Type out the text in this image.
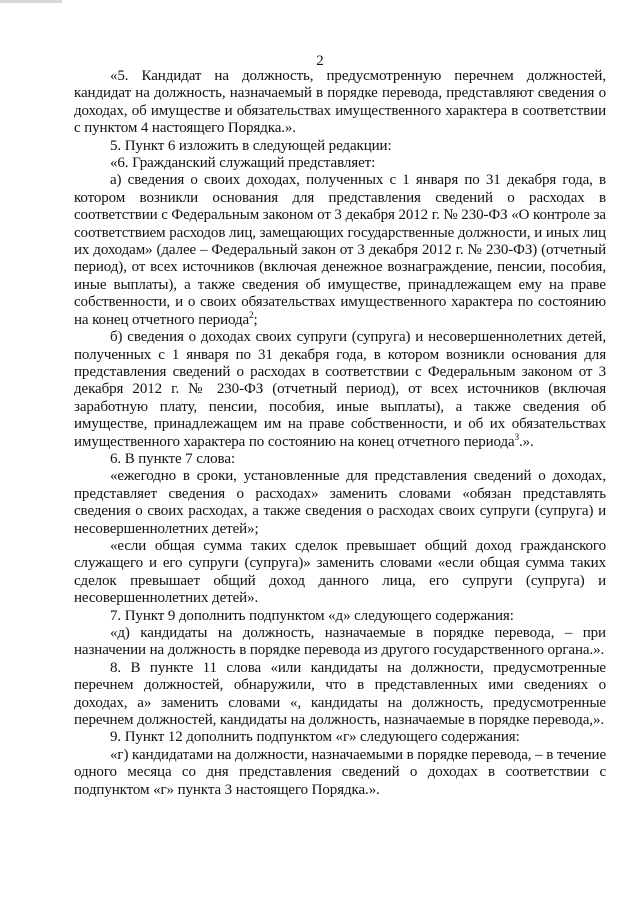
2

«5. Кандидат на должность, предусмотренную перечнем должностей, кандидат на должность, назначаемый в порядке перевода, представляют сведения о доходах, об имуществе и обязательствах имущественного характера в соответствии с пунктом 4 настоящего Порядка.».

5. Пункт 6 изложить в следующей редакции:

«6. Гражданский служащий представляет:

а) сведения о своих доходах, полученных с 1 января по 31 декабря года, в котором возникли основания для представления сведений о расходах в соответствии с Федеральным законом от 3 декабря 2012 г. № 230-ФЗ «О контроле за соответствием расходов лиц, замещающих государственные должности, и иных лиц их доходам» (далее – Федеральный закон от 3 декабря 2012 г. № 230-ФЗ) (отчетный период), от всех источников (включая денежное вознаграждение, пенсии, пособия, иные выплаты), а также сведения об имуществе, принадлежащем ему на праве собственности, и о своих обязательствах имущественного характера по состоянию на конец отчетного периода$^2$;

б) сведения о доходах своих супруги (супруга) и несовершеннолетних детей, полученных с 1 января по 31 декабря года, в котором возникли основания для представления сведений о расходах в соответствии с Федеральным законом от 3 декабря 2012 г. № 230-ФЗ (отчетный период), от всех источников (включая заработную плату, пенсии, пособия, иные выплаты), а также сведения об имуществе, принадлежащем им на праве собственности, и об их обязательствах имущественного характера по состоянию на конец отчетного периода$^3$.».

6. В пункте 7 слова:

«ежегодно в сроки, установленные для представления сведений о доходах, представляет сведения о расходах» заменить словами «обязан представлять сведения о своих расходах, а также сведения о расходах своих супруги (супруга) и несовершеннолетних детей»;

«если общая сумма таких сделок превышает общий доход гражданского служащего и его супруги (супруга)» заменить словами «если общая сумма таких сделок превышает общий доход данного лица, его супруги (супруга) и несовершеннолетних детей».

7. Пункт 9 дополнить подпунктом «д» следующего содержания:

«д) кандидаты на должность, назначаемые в порядке перевода, – при назначении на должность в порядке перевода из другого государственного органа.».

8. В пункте 11 слова «или кандидаты на должности, предусмотренные перечнем должностей, обнаружили, что в представленных ими сведениях о доходах, а» заменить словами «, кандидаты на должность, предусмотренные перечнем должностей, кандидаты на должность, назначаемые в порядке перевода,».

9. Пункт 12 дополнить подпунктом «г» следующего содержания:

«г) кандидатами на должности, назначаемыми в порядке перевода, – в течение одного месяца со дня представления сведений о доходах в соответствии с подпунктом «г» пункта 3 настоящего Порядка.».
